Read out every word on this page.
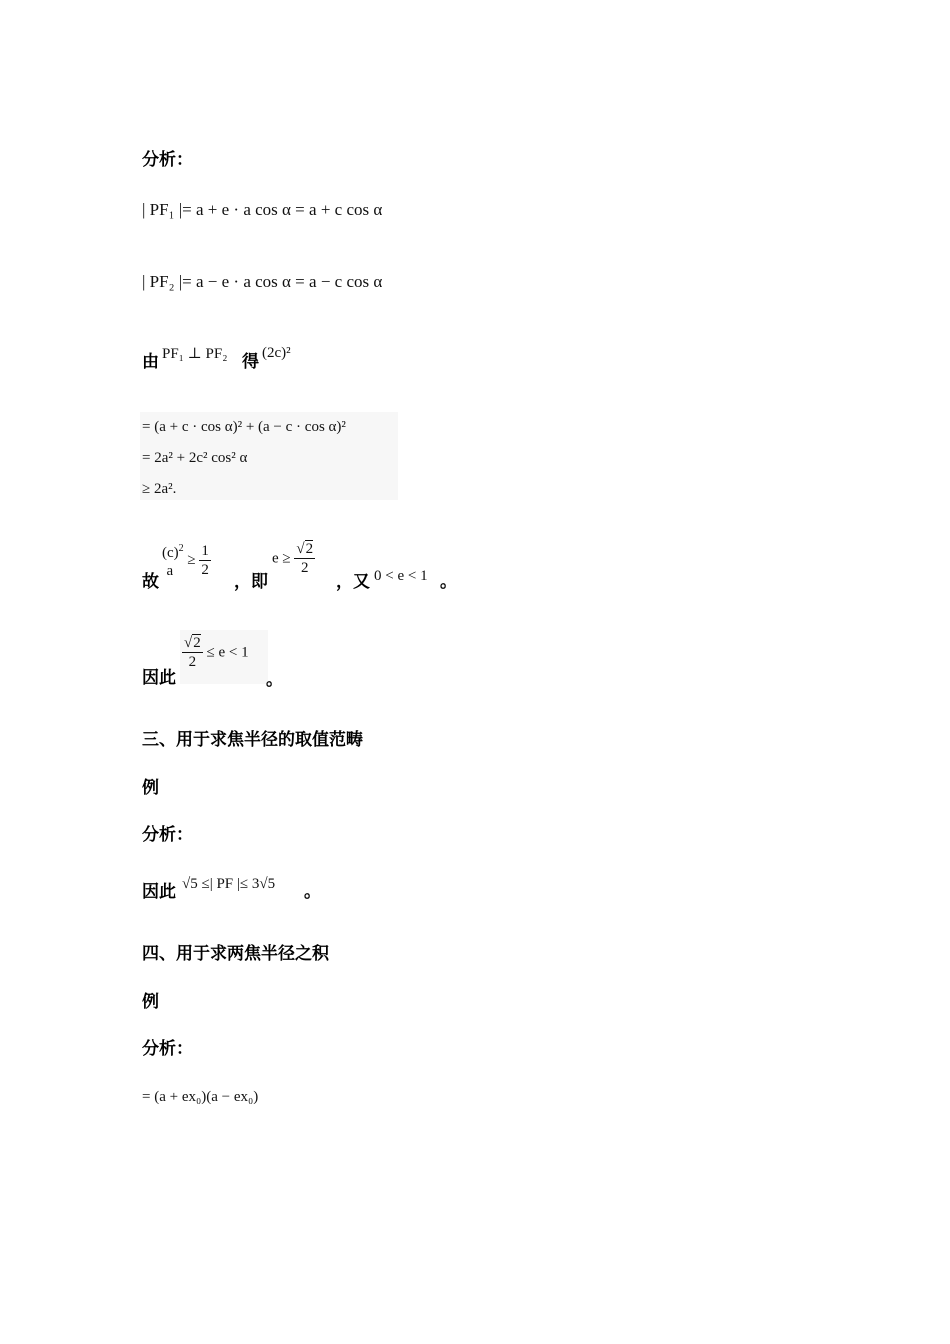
分析：
| PF₁ |= a + e · a cos α = a + c cos α
| PF₂ |= a − e · a cos α = a − c cos α
由 PF₁ ⊥ PF₂ 得 (2c)²
= (a + c · cos α)² + (a − c · cos α)²
= 2a² + 2c² cos² α
≥ 2a².
故
$(c)^2$
a

≥ $\frac{1}{2}$
，即
$e \ge \frac{√2}{2}$
，又 0 < e < 1 。
因此
$\frac{√2}{2} \le e < 1$
。
三、用于求焦半径的取值范畴
例
分析：
因此 √5 ≤| PF |≤ 3√5 。
四、用于求两焦半径之积
例
分析：
= (a + ex₀)(a − ex₀)
